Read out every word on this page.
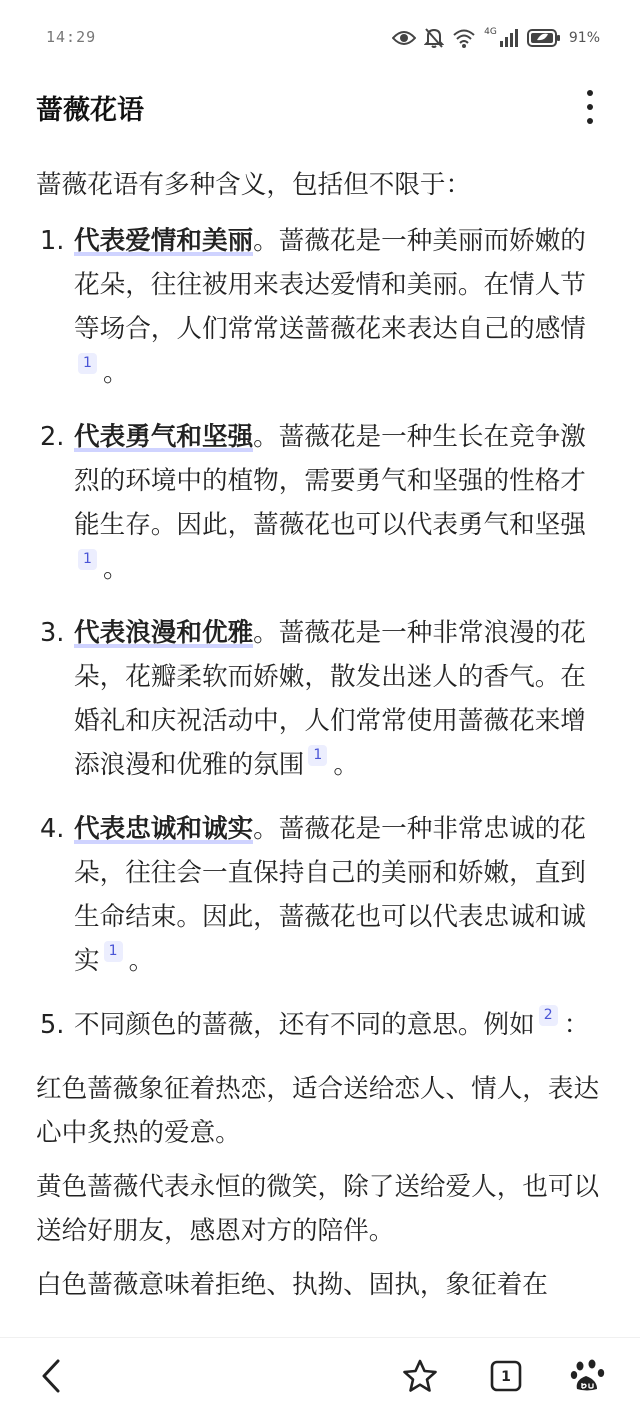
14:29	4G	91%
蔷薇花语

蔷薇花语有多种含义，包括但不限于：

1. 代表爱情和美丽。蔷薇花是一种美丽而娇嫩的花朵，往往被用来表达爱情和美丽。在情人节等场合，人们常常送蔷薇花来表达自己的感情1 。
2. 代表勇气和坚强。蔷薇花是一种生长在竞争激烈的环境中的植物，需要勇气和坚强的性格才能生存。因此，蔷薇花也可以代表勇气和坚强1 。
3. 代表浪漫和优雅。蔷薇花是一种非常浪漫的花朵，花瓣柔软而娇嫩，散发出迷人的香气。在婚礼和庆祝活动中，人们常常使用蔷薇花来增添浪漫和优雅的氛围 1 。
4. 代表忠诚和诚实。蔷薇花是一种非常忠诚的花朵，往往会一直保持自己的美丽和娇嫩，直到生命结束。因此，蔷薇花也可以代表忠诚和诚实 1 。
5. 不同颜色的蔷薇，还有不同的意思。例如 2 ：

红色蔷薇象征着热恋，适合送给恋人、情人，表达心中炙热的爱意。

黄色蔷薇代表永恒的微笑，除了送给爱人，也可以送给好朋友，感恩对方的陪伴。

白色蔷薇意味着拒绝、执拗、固执，象征着在

1
